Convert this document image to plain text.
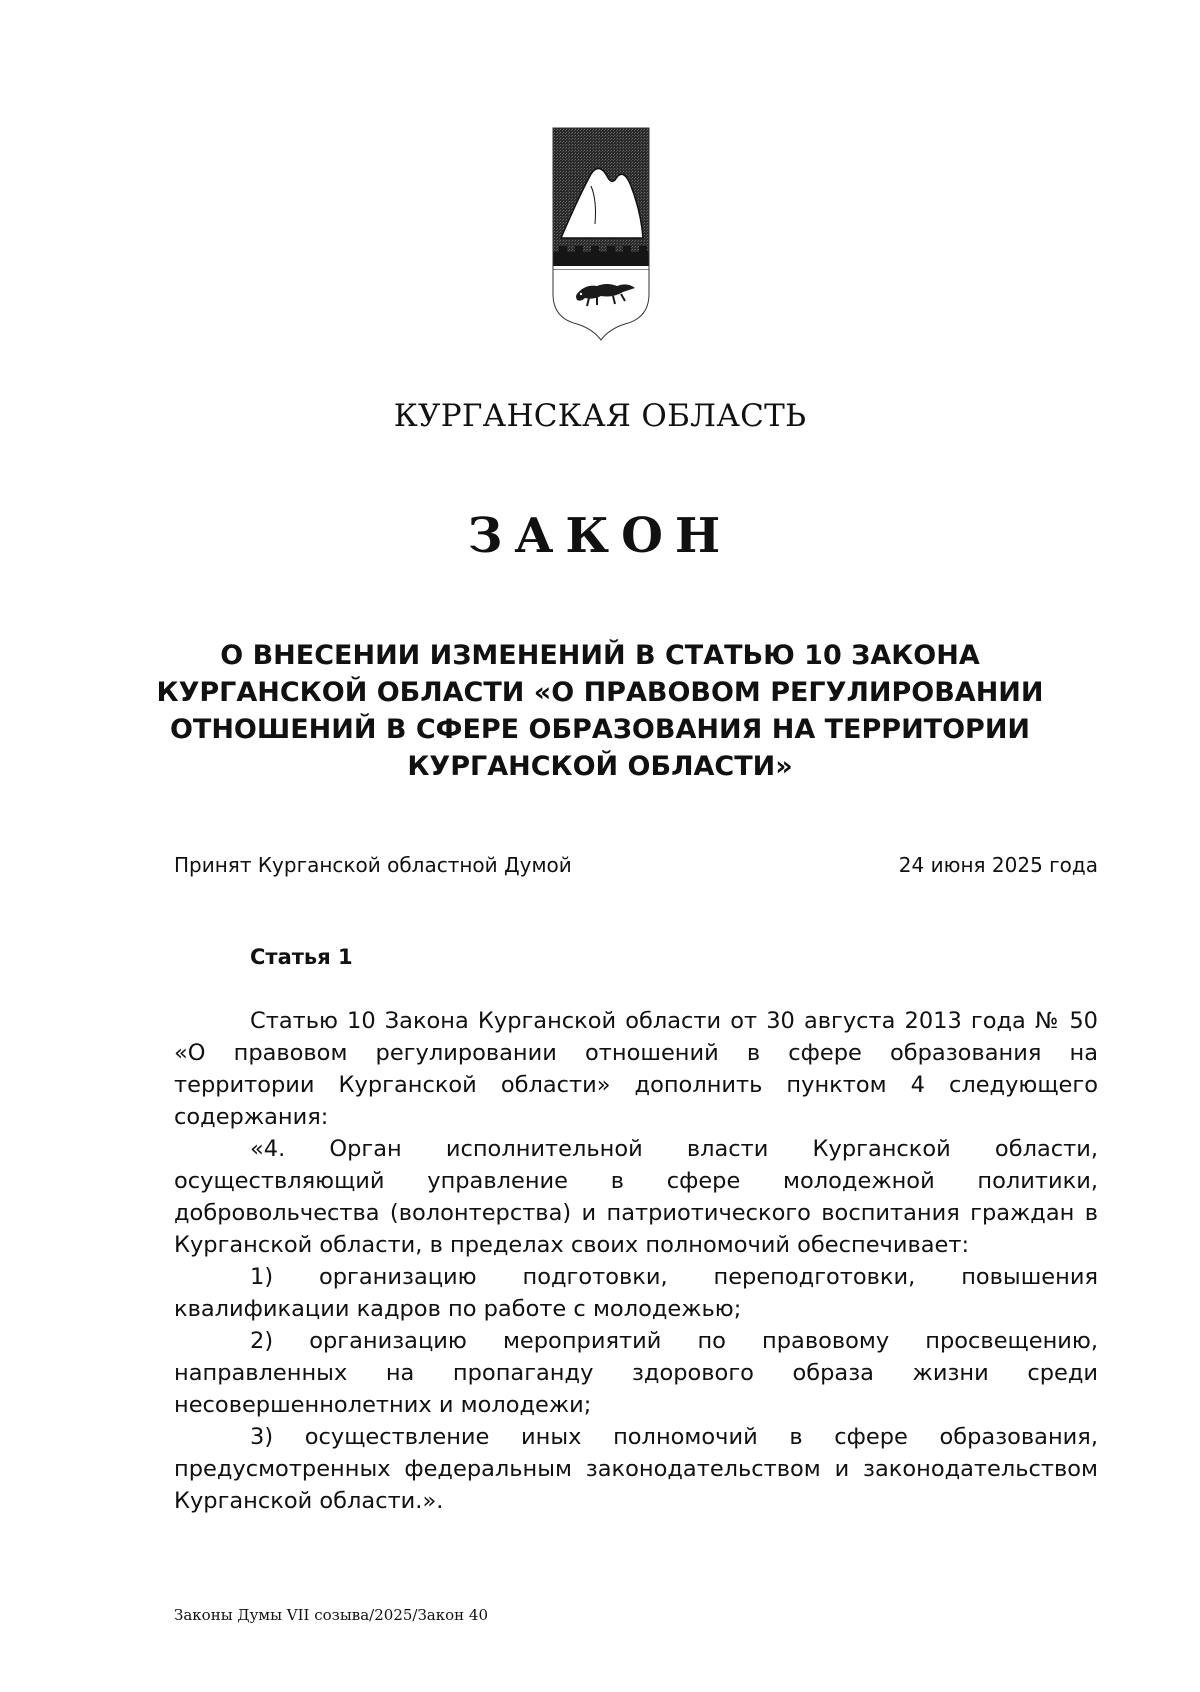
КУРГАНСКАЯ ОБЛАСТЬ
ЗАКОН
О ВНЕСЕНИИ ИЗМЕНЕНИЙ В СТАТЬЮ 10 ЗАКОНА
КУРГАНСКОЙ ОБЛАСТИ «О ПРАВОВОМ РЕГУЛИРОВАНИИ
ОТНОШЕНИЙ В СФЕРЕ ОБРАЗОВАНИЯ НА ТЕРРИТОРИИ
КУРГАНСКОЙ ОБЛАСТИ»
Принят Курганской областной Думой	24 июня 2025 года
Статья 1

Статью 10 Закона Курганской области от 30 августа 2013 года № 50 «О правовом регулировании отношений в сфере образования на территории Курганской области» дополнить пунктом 4 следующего содержания:

«4. Орган исполнительной власти Курганской области, осуществляющий управление в сфере молодежной политики, добровольчества (волонтерства) и патриотического воспитания граждан в Курганской области, в пределах своих полномочий обеспечивает:

1) организацию подготовки, переподготовки, повышения квалификации кадров по работе с молодежью;

2) организацию мероприятий по правовому просвещению, направленных на пропаганду здорового образа жизни среди несовершеннолетних и молодежи;

3) осуществление иных полномочий в сфере образования, предусмотренных федеральным законодательством и законодательством Курганской области.».

Законы Думы VII созыва/2025/Закон 40
